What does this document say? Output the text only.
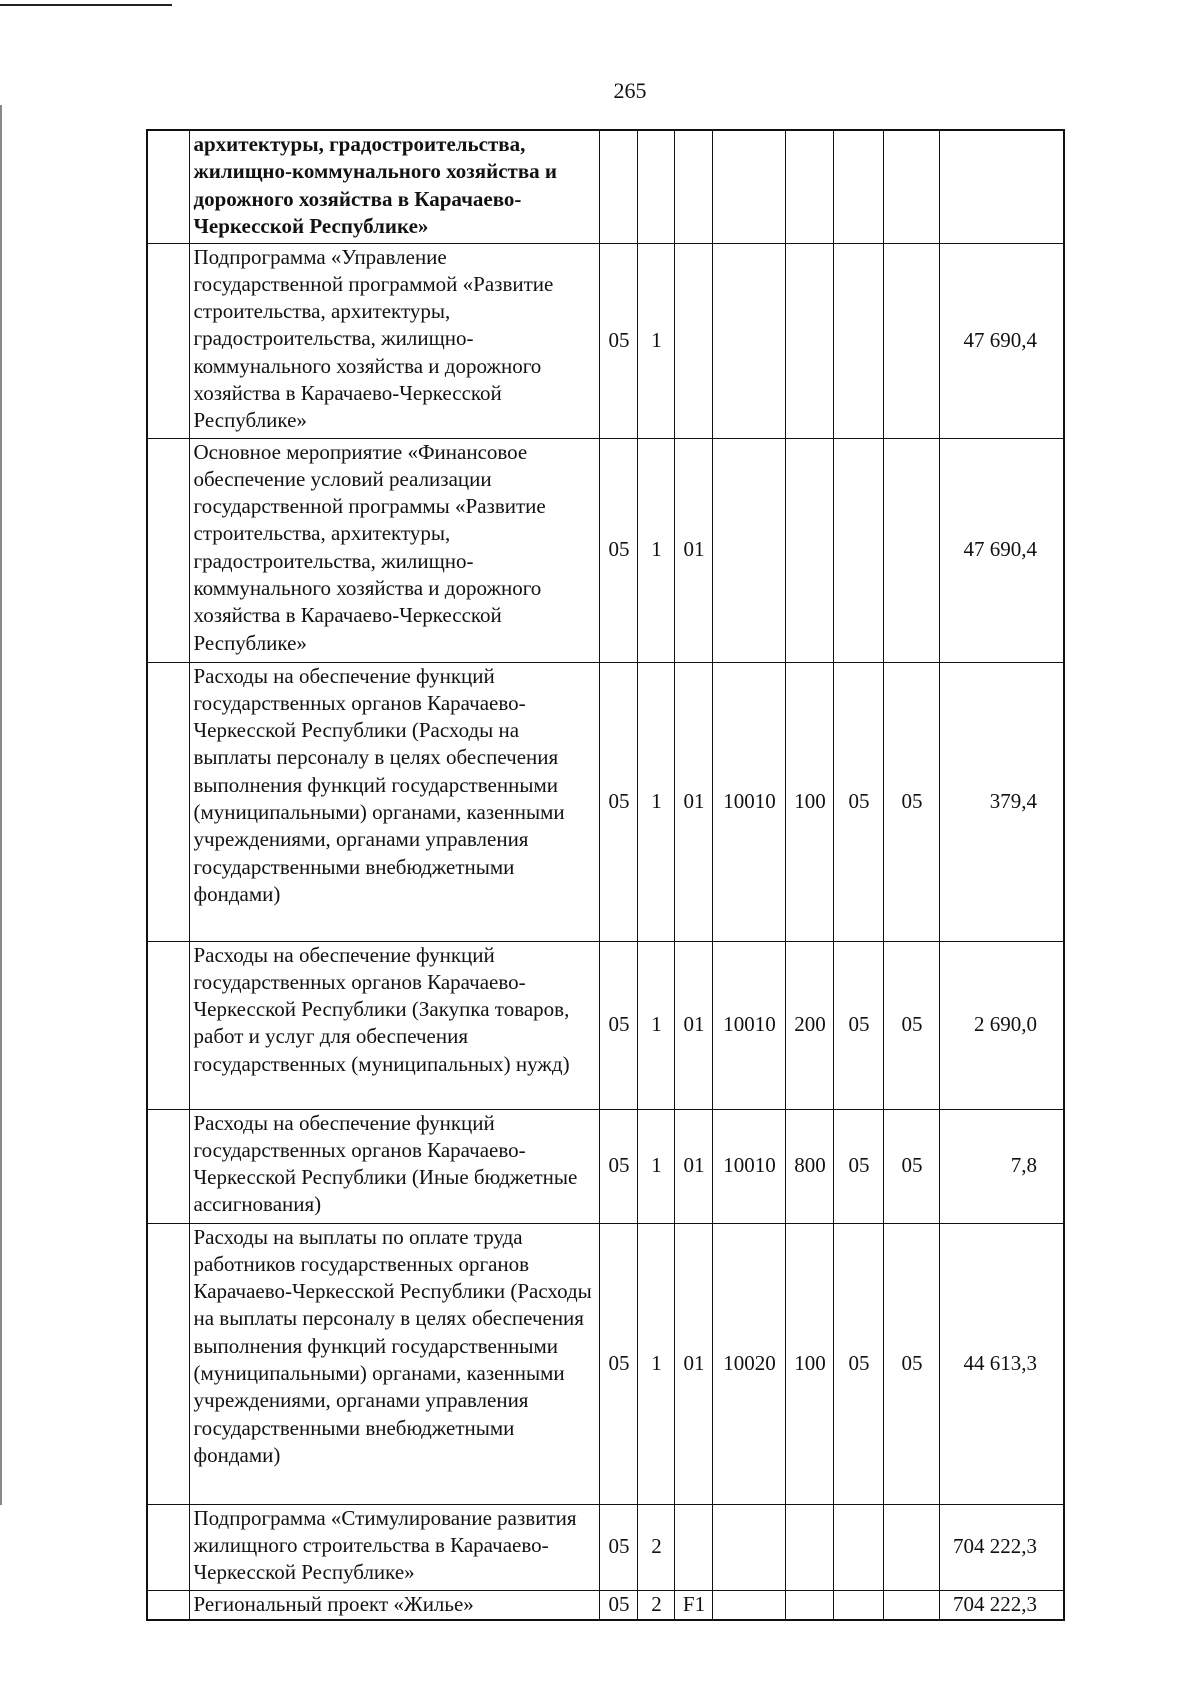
265
	архитектуры, градостроительства, жилищно-коммунального хозяйства и дорожного хозяйства в Карачаево-Черкесской Республике»								
	Подпрограмма «Управление государственной программой «Развитие строительства, архитектуры, градостроительства, жилищно-коммунального хозяйства и дорожного хозяйства в Карачаево-Черкесской Республике»	05	1						47 690,4
	Основное мероприятие «Финансовое обеспечение условий реализации государственной программы «Развитие строительства, архитектуры, градостроительства, жилищно-коммунального хозяйства и дорожного хозяйства в Карачаево-Черкесской Республике»	05	1	01					47 690,4
	Расходы на обеспечение функций государственных органов Карачаево-Черкесской Республики (Расходы на выплаты персоналу в целях обеспечения выполнения функций государственными (муниципальными) органами, казенными учреждениями, органами управления государственными внебюджетными фондами)	05	1	01	10010	100	05	05	379,4
	Расходы на обеспечение функций государственных органов Карачаево-Черкесской Республики (Закупка товаров, работ и услуг для обеспечения государственных (муниципальных) нужд)	05	1	01	10010	200	05	05	2 690,0
	Расходы на обеспечение функций государственных органов Карачаево-Черкесской Республики (Иные бюджетные ассигнования)	05	1	01	10010	800	05	05	7,8
	Расходы на выплаты по оплате труда работников государственных органов Карачаево-Черкесской Республики (Расходы на выплаты персоналу в целях обеспечения выполнения функций государственными (муниципальными) органами, казенными учреждениями, органами управления государственными внебюджетными фондами)	05	1	01	10020	100	05	05	44 613,3
	Подпрограмма «Стимулирование развития жилищного строительства в Карачаево-Черкесской Республике»	05	2						704 222,3
	Региональный проект «Жилье»	05	2	F1					704 222,3
